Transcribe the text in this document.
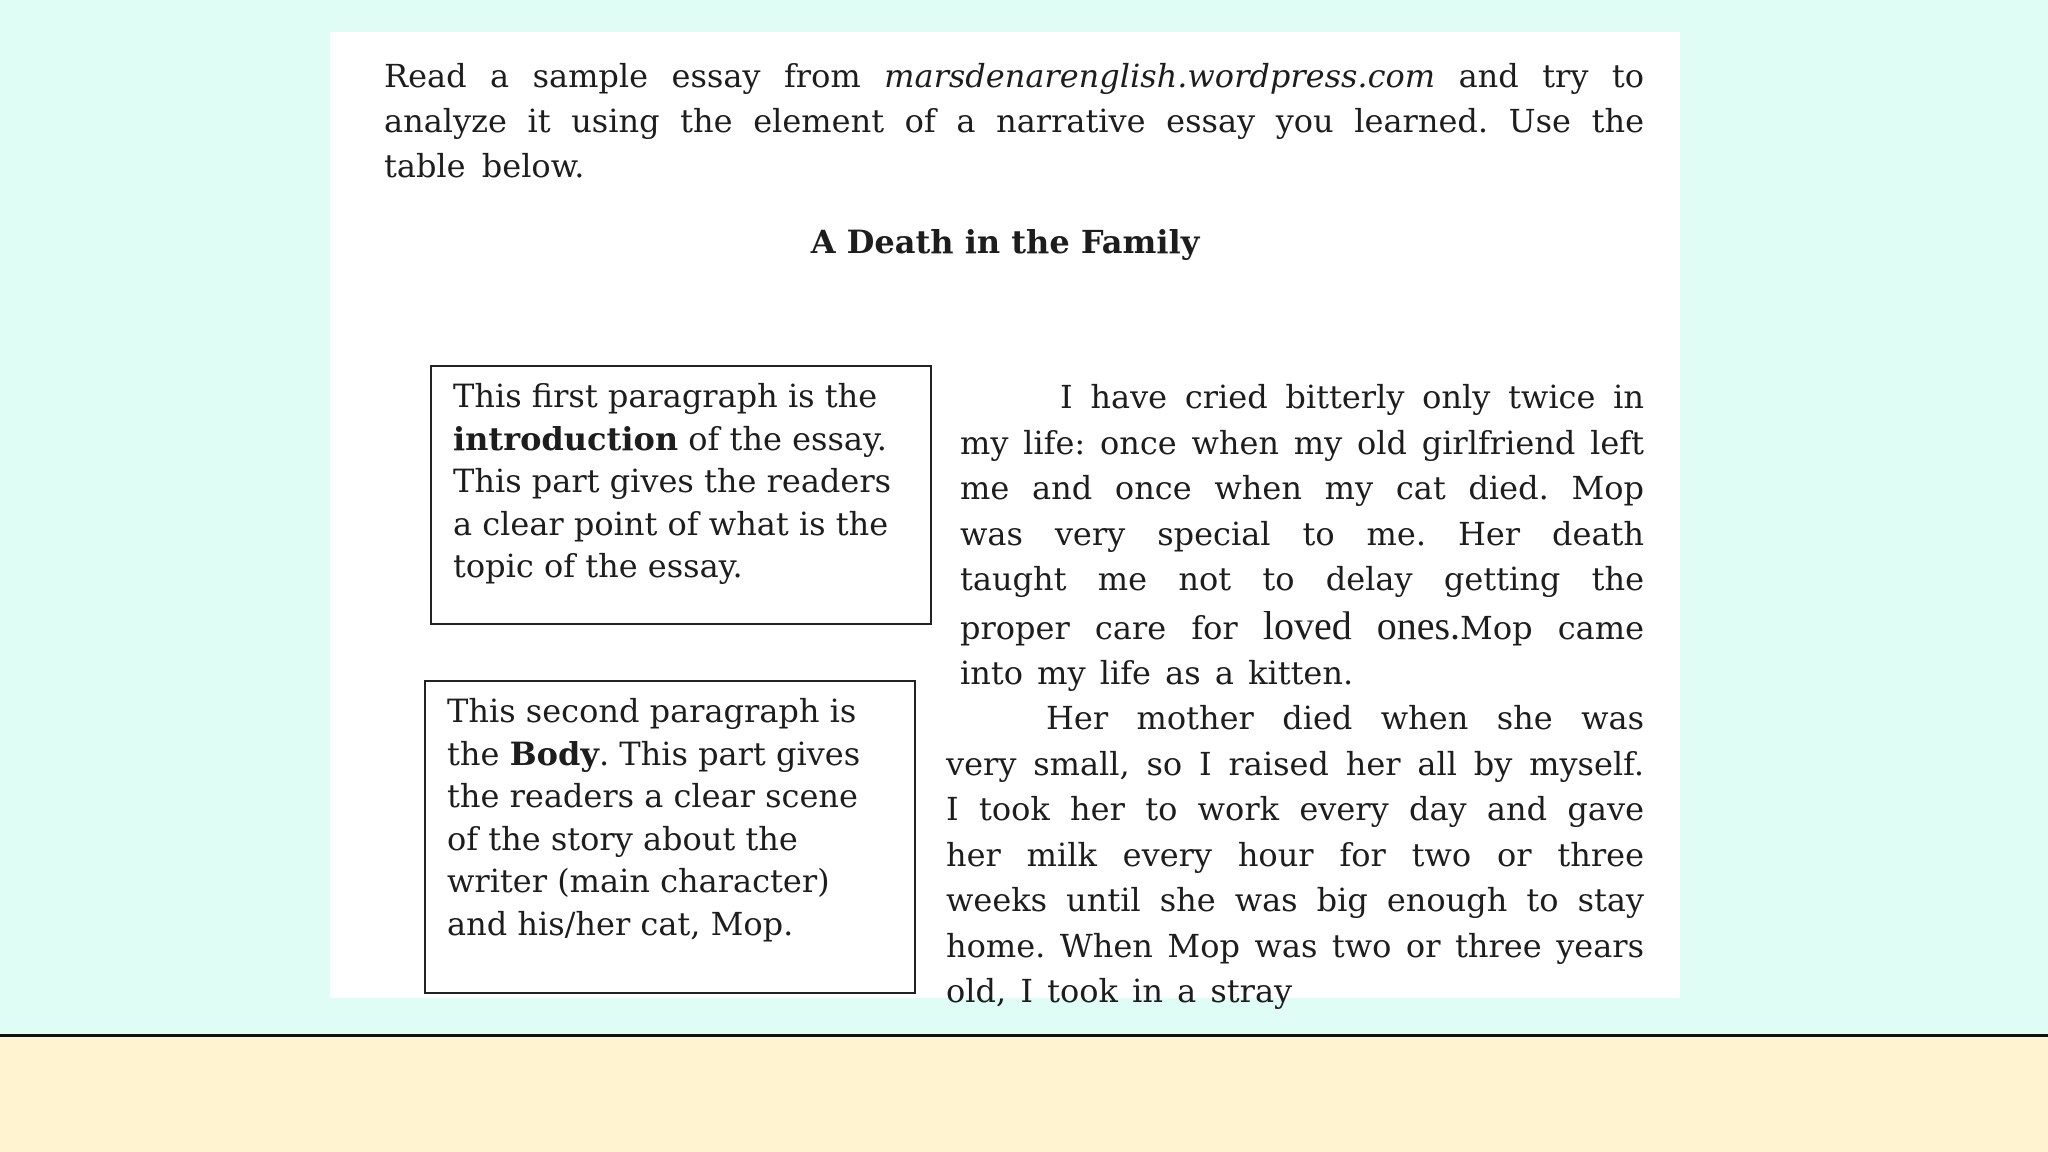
Read a sample essay from marsdenarenglish.wordpress.com and try to analyze it using the element of a narrative essay you learned. Use the table below.

A Death in the Family

This first paragraph is the introduction of the essay. This part gives the readers a clear point of what is the topic of the essay.

I have cried bitterly only twice in my life: once when my old girlfriend left me and once when my cat died. Mop was very special to me. Her death taught me not to delay getting the proper care for loved ones.Mop came into my life as a kitten.

This second paragraph is the Body. This part gives the readers a clear scene of the story about the writer (main character) and his/her cat, Mop.

Her mother died when she was very small, so I raised her all by myself. I took her to work every day and gave her milk every hour for two or three weeks until she was big enough to stay home. When Mop was two or three years old, I took in a stray
